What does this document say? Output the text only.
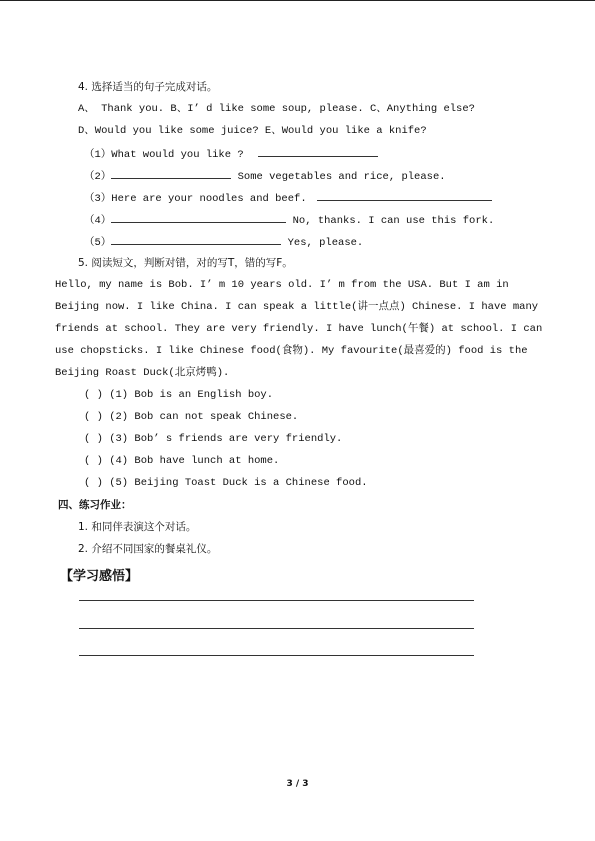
4. 选择适当的句子完成对话。
A、 Thank you. B、I’ d like some soup, please. C、Anything else?
D、Would you like some juice? E、Would you like a knife?
（1）What would you like ?
（2）	Some vegetables and rice, please.
（3）Here are your noodles and beef.
（4）	No, thanks. I can use this fork.
（5）	Yes, please.
5. 阅读短文，判断对错，对的写T，错的写F。
Hello, my name is Bob. I’ m 10 years old. I’ m from the USA. But I am in
Beijing now. I like China. I can speak a little(讲一点点) Chinese. I have many
friends at school. They are very friendly. I have lunch(午餐) at school. I can
use chopsticks. I like Chinese food(食物). My favourite(最喜爱的) food is the
Beijing Roast Duck(北京烤鸭).
( ) (1) Bob is an English boy.
( ) (2) Bob can not speak Chinese.
( ) (3) Bob’ s friends are very friendly.
( ) (4) Bob have lunch at home.
( ) (5) Beijing Toast Duck is a Chinese food.
四、练习作业：
1. 和同伴表演这个对话。
2. 介绍不同国家的餐桌礼仪。
【学习感悟】
3 / 3
